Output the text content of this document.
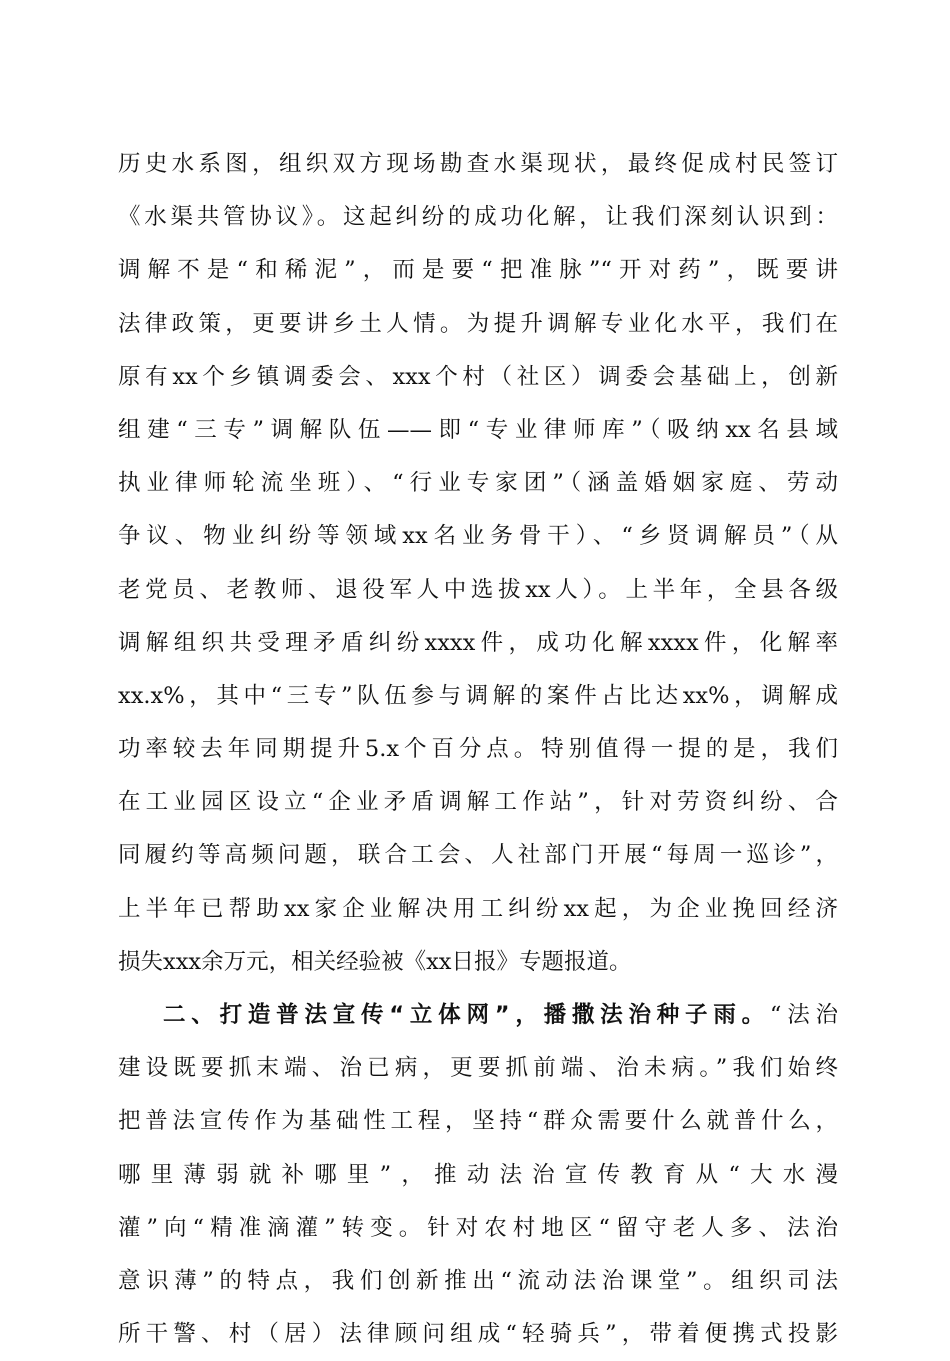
历史水系图，组织双方现场勘查水渠现状，最终促成村民签订
《水渠共管协议》。这起纠纷的成功化解，让我们深刻认识到：
调解不是“和稀泥”，而是要“把准脉”“开对药”，既要讲
法律政策，更要讲乡土人情。为提升调解专业化水平，我们在
原有xx个乡镇调委会、xxx个村（社区）调委会基础上，创新
组建“三专”调解队伍——即“专业律师库”（吸纳xx名县域
执业律师轮流坐班）、“行业专家团”（涵盖婚姻家庭、劳动
争议、物业纠纷等领域xx名业务骨干）、“乡贤调解员”（从
老党员、老教师、退役军人中选拔xx人）。上半年，全县各级
调解组织共受理矛盾纠纷xxxx件，成功化解xxxx件，化解率
xx.x%，其中“三专”队伍参与调解的案件占比达xx%，调解成
功率较去年同期提升5.x个百分点。特别值得一提的是，我们
在工业园区设立“企业矛盾调解工作站”，针对劳资纠纷、合
同履约等高频问题，联合工会、人社部门开展“每周一巡诊”，
上半年已帮助xx家企业解决用工纠纷xx起，为企业挽回经济
损失xxx余万元，相关经验被《xx日报》专题报道。
二、打造普法宣传“立体网”，播撒法治种子雨。“法治
建设既要抓末端、治已病，更要抓前端、治未病。”我们始终
把普法宣传作为基础性工程，坚持“群众需要什么就普什么，
哪里薄弱就补哪里”，推动法治宣传教育从“大水漫
灌”向“精准滴灌”转变。针对农村地区“留守老人多、法治
意识薄”的特点，我们创新推出“流动法治课堂”。组织司法
所干警、村（居）法律顾问组成“轻骑兵”，带着便携式投影
